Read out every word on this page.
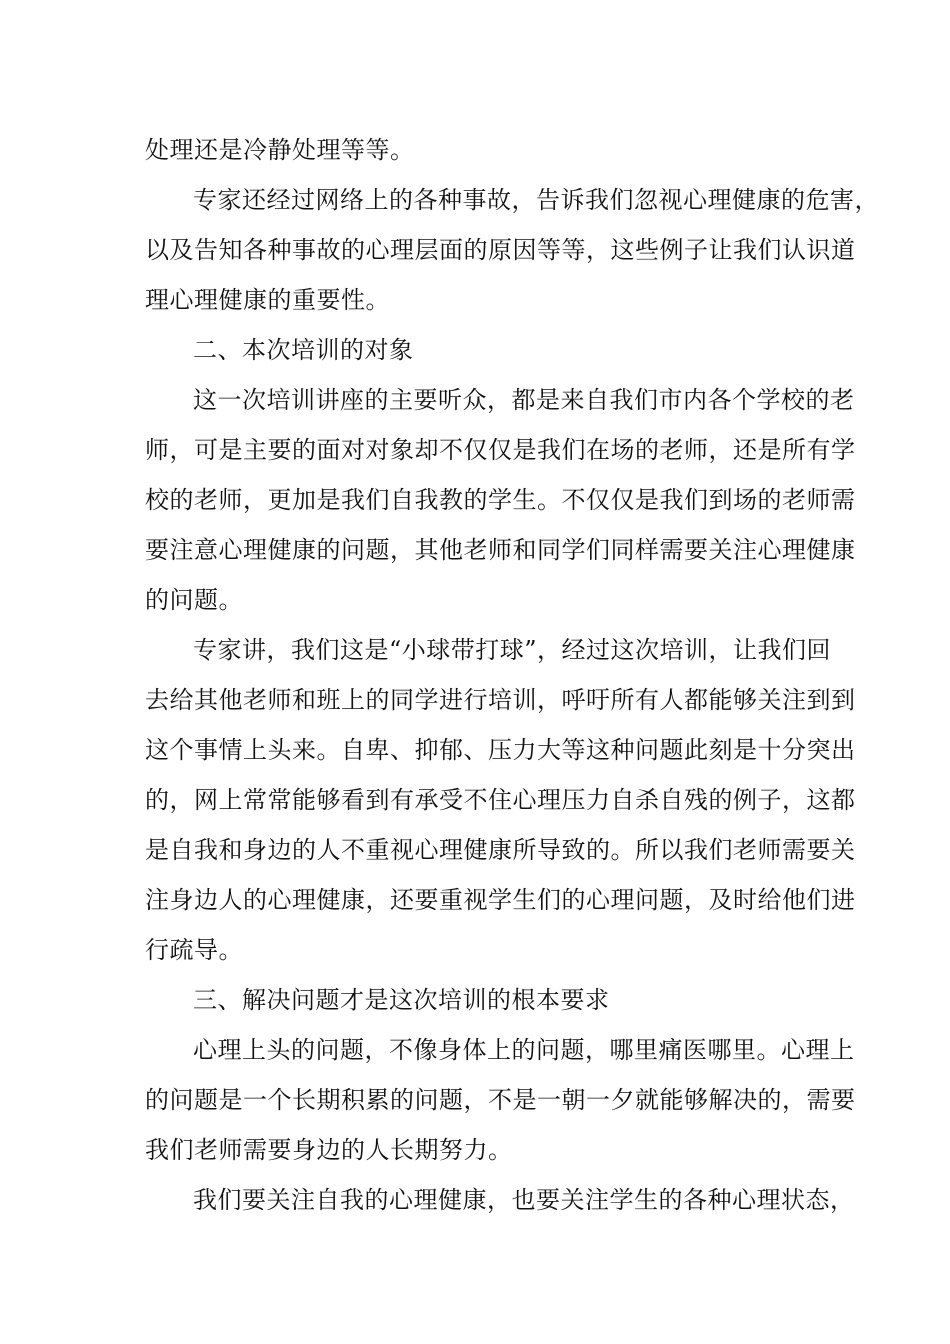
处理还是冷静处理等等。
专家还经过网络上的各种事故，告诉我们忽视心理健康的危害，
以及告知各种事故的心理层面的原因等等，这些例子让我们认识道
理心理健康的重要性。
二、本次培训的对象
这一次培训讲座的主要听众，都是来自我们市内各个学校的老
师，可是主要的面对对象却不仅仅是我们在场的老师，还是所有学
校的老师，更加是我们自我教的学生。不仅仅是我们到场的老师需
要注意心理健康的问题，其他老师和同学们同样需要关注心理健康
的问题。
专家讲，我们这是“小球带打球”，经过这次培训，让我们回
去给其他老师和班上的同学进行培训，呼吁所有人都能够关注到到
这个事情上头来。自卑、抑郁、压力大等这种问题此刻是十分突出
的，网上常常能够看到有承受不住心理压力自杀自残的例子，这都
是自我和身边的人不重视心理健康所导致的。所以我们老师需要关
注身边人的心理健康，还要重视学生们的心理问题，及时给他们进
行疏导。
三、解决问题才是这次培训的根本要求
心理上头的问题，不像身体上的问题，哪里痛医哪里。心理上
的问题是一个长期积累的问题，不是一朝一夕就能够解决的，需要
我们老师需要身边的人长期努力。
我们要关注自我的心理健康，也要关注学生的各种心理状态，
